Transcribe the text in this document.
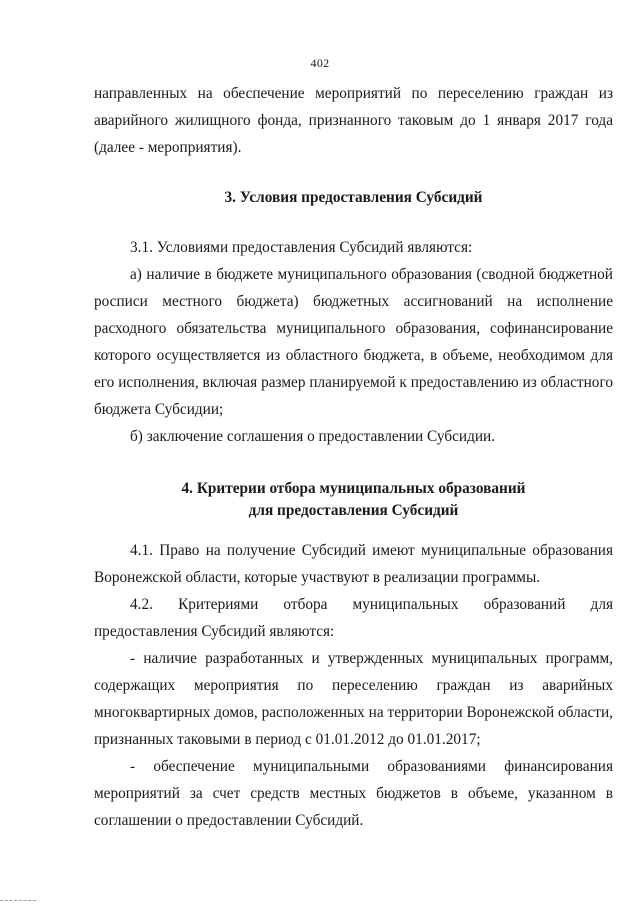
402

направленных на обеспечение мероприятий по переселению граждан из аварийного жилищного фонда, признанного таковым до 1 января 2017 года (далее - мероприятия).

3. Условия предоставления Субсидий

3.1. Условиями предоставления Субсидий являются:

а) наличие в бюджете муниципального образования (сводной бюджетной росписи местного бюджета) бюджетных ассигнований на исполнение расходного обязательства муниципального образования, софинансирование которого осуществляется из областного бюджета, в объеме, необходимом для его исполнения, включая размер планируемой к предоставлению из областного бюджета Субсидии;

б) заключение соглашения о предоставлении Субсидии.

4. Критерии отбора муниципальных образований
для предоставления Субсидий

4.1. Право на получение Субсидий имеют муниципальные образования Воронежской области, которые участвуют в реализации программы.

4.2. Критериями отбора муниципальных образований для предоставления Субсидий являются:

- наличие разработанных и утвержденных муниципальных программ, содержащих мероприятия по переселению граждан из аварийных многоквартирных домов, расположенных на территории Воронежской области, признанных таковыми в период с 01.01.2012 до 01.01.2017;

- обеспечение муниципальными образованиями финансирования мероприятий за счет средств местных бюджетов в объеме, указанном в соглашении о предоставлении Субсидий.
